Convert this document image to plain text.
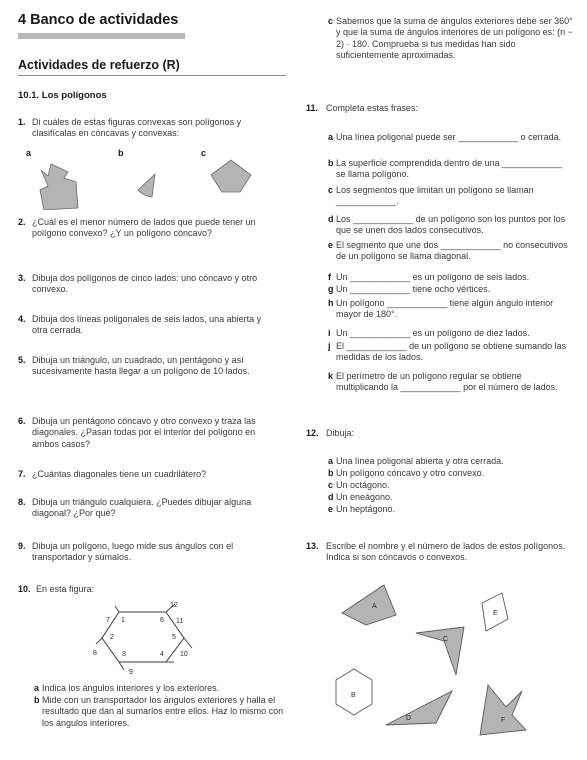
4 Banco de actividades
Actividades de refuerzo (R)
10.1. Los polígonos
1. Di cuáles de estas figuras convexas son polígonos y clasifícalas en cóncavas y convexas:
a	b	c
2. ¿Cuál es el menor número de lados que puede tener un polígono convexo? ¿Y un polígono cóncavo?
3. Dibuja dos polígonos de cinco lados: uno cóncavo y otro convexo.
4. Dibuja dos líneas poligonales de seis lados, una abierta y otra cerrada.
5. Dibuja un triángulo, un cuadrado, un pentágono y así sucesivamente hasta llegar a un polígono de 10 lados.
6. Dibuja un pentágono cóncavo y otro convexo y traza las diagonales. ¿Pasan todas por el interior del polígono en ambos casos?
7. ¿Cuántas diagonales tiene un cuadrilátero?
8. Dibuja un triángulo cualquiera. ¿Puedes dibujar alguna diagonal? ¿Por qué?
9. Dibuja un polígono, luego mide sus ángulos con el transportador y súmalos.
10. En esta figura:
12
7 1	6 11
2	5
8	3	4 10
9
a Indica los ángulos interiores y los exteriores.
b Mide con un transportador los ángulos exteriores y halla el resultado que dan al sumarlos entre ellos. Haz lo mismo con los ángulos interiores.
c Sabemos que la suma de ángulos exteriores debe ser 360° y que la suma de ángulos interiores de un polígono es: (n − 2) · 180. Comprueba si tus medidas han sido suficientemente aproximadas.
11. Completa estas frases:
a Una línea poligonal puede ser ____________ o cerrada.
b La superficie comprendida dentro de una ____________ se llama polígono.
c Los segmentos que limitan un polígono se llaman ____________.
d Los ____________ de un polígono son los puntos por los que se unen dos lados consecutivos.
e El segmento que une dos ____________ no consecutivos de un polígono se llama diagonal.
f Un ____________ es un polígono de seis lados.
g Un ____________ tiene ocho vértices.
h Un polígono ____________ tiene algún ángulo interior mayor de 180°.
i Un ____________ es un polígono de diez lados.
j El ____________ de un polígono se obtiene sumando las medidas de los lados.
k El perímetro de un polígono regular se obtiene multiplicando la ____________ por el número de lados.
12. Dibuja:
a Una línea poligonal abierta y otra cerrada.
b Un polígono cóncavo y otro convexo.
c Un octágono.
d Un eneágono.
e Un heptágono.
13. Escribe el nombre y el número de lados de estos polígonos. Indica si son cóncavos o convexos.
A
E
C
B
D	F
